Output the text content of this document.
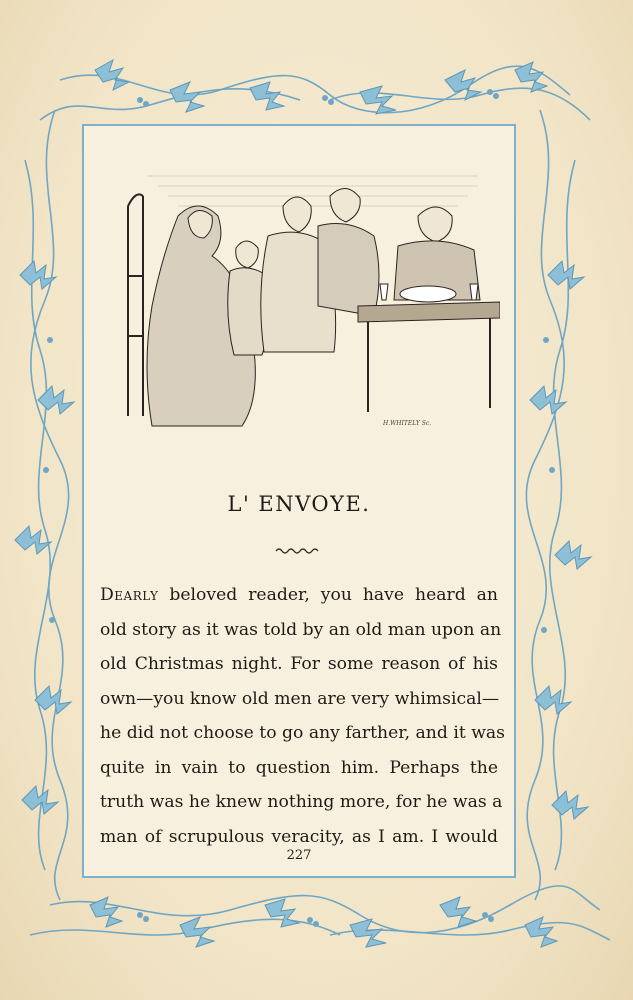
H.WHITELY Sc.
L' ENVOYE.
Dearly beloved reader, you have heard an
old story as it was told by an old man upon an
old Christmas night. For some reason of his
own—you know old men are very whimsical—
he did not choose to go any farther, and it was
quite in vain to question him. Perhaps the
truth was he knew nothing more, for he was a
man of scrupulous veracity, as I am. I would
227
